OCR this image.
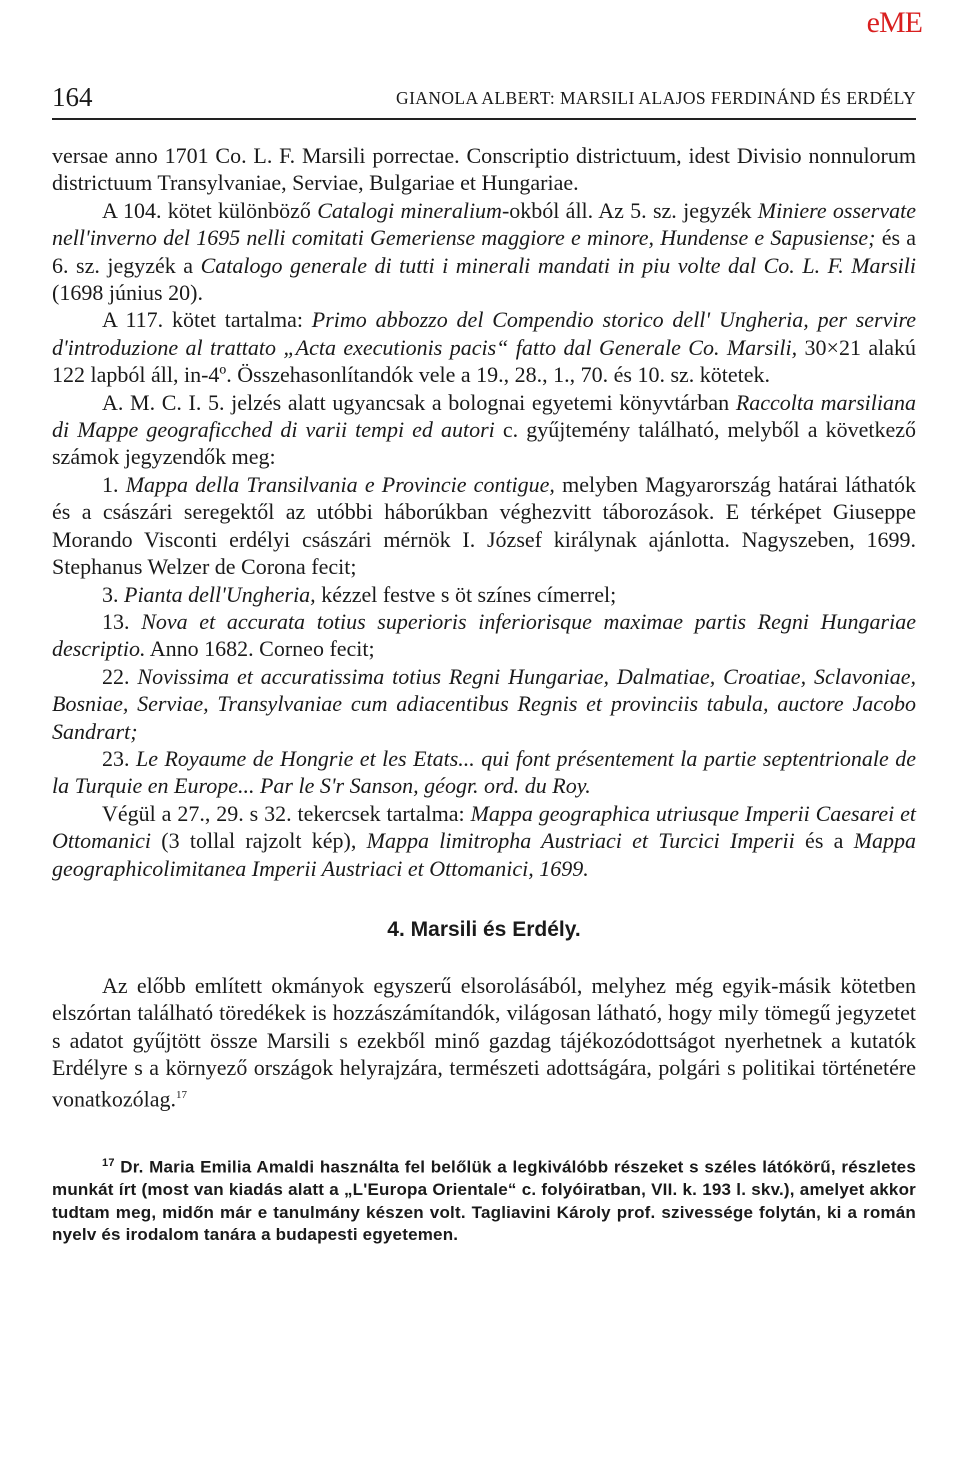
eME
164	GIANOLA ALBERT: MARSILI ALAJOS FERDINÁND ÉS ERDÉLY

versae anno 1701 Co. L. F. Marsili porrectae. Conscriptio districtuum, idest Divisio nonnulorum districtuum Transylvaniae, Serviae, Bulgariae et Hungariae.

A 104. kötet különböző Catalogi mineralium-okból áll. Az 5. sz. jegyzék Miniere osservate nell'inverno del 1695 nelli comitati Gemeriense maggiore e minore, Hundense e Sapusiense; és a 6. sz. jegyzék a Catalogo generale di tutti i minerali mandati in piu volte dal Co. L. F. Marsili (1698 június 20).

A 117. kötet tartalma: Primo abbozzo del Compendio storico dell' Ungheria, per servire d'introduzione al trattato „Acta executionis pacis“ fatto dal Generale Co. Marsili, 30×21 alakú 122 lapból áll, in-4º. Összehasonlítandók vele a 19., 28., 1., 70. és 10. sz. kötetek.

A. M. C. I. 5. jelzés alatt ugyancsak a bolognai egyetemi könyvtárban Raccolta marsiliana di Mappe geograficched di varii tempi ed autori c. gyűjtemény található, melyből a következő számok jegyzendők meg:

1. Mappa della Transilvania e Provincie contigue, melyben Magyarország határai láthatók és a császári seregektől az utóbbi háborúkban véghezvitt táborozások. E térképet Giuseppe Morando Visconti erdélyi császári mérnök I. József királynak ajánlotta. Nagyszeben, 1699. Stephanus Welzer de Corona fecit;

3. Pianta dell'Ungheria, kézzel festve s öt színes címerrel;

13. Nova et accurata totius superioris inferiorisque maximae partis Regni Hungariae descriptio. Anno 1682. Corneo fecit;

22. Novissima et accuratissima totius Regni Hungariae, Dalmatiae, Croatiae, Sclavoniae, Bosniae, Serviae, Transylvaniae cum adiacentibus Regnis et provinciis tabula, auctore Jacobo Sandrart;

23. Le Royaume de Hongrie et les Etats... qui font présentement la partie septentrionale de la Turquie en Europe... Par le S'r Sanson, géogr. ord. du Roy.

Végül a 27., 29. s 32. tekercsek tartalma: Mappa geographica utriusque Imperii Caesarei et Ottomanici (3 tollal rajzolt kép), Mappa limitropha Austriaci et Turcici Imperii és a Mappa geographicolimitanea Imperii Austriaci et Ottomanici, 1699.

4. Marsili és Erdély.

Az előbb említett okmányok egyszerű elsorolásából, melyhez még egyik-másik kötetben elszórtan található töredékek is hozzászámítandók, világosan látható, hogy mily tömegű jegyzetet s adatot gyűjtött össze Marsili s ezekből minő gazdag tájékozódottságot nyerhetnek a kutatók Erdélyre s a környező országok helyrajzára, természeti adottságára, polgári s politikai történetére vonatkozólag.$^{17}$

$^{17}$ Dr. Maria Emilia Amaldi használta fel belőlük a legkiválóbb részeket s széles látókörű, részletes munkát írt (most van kiadás alatt a „L'Europa Orientale“ c. folyóiratban, VII. k. 193 l. skv.), amelyet akkor tudtam meg, midőn már e tanulmány készen volt. Tagliavini Károly prof. szivessége folytán, ki a román nyelv és irodalom tanára a budapesti egyetemen.
